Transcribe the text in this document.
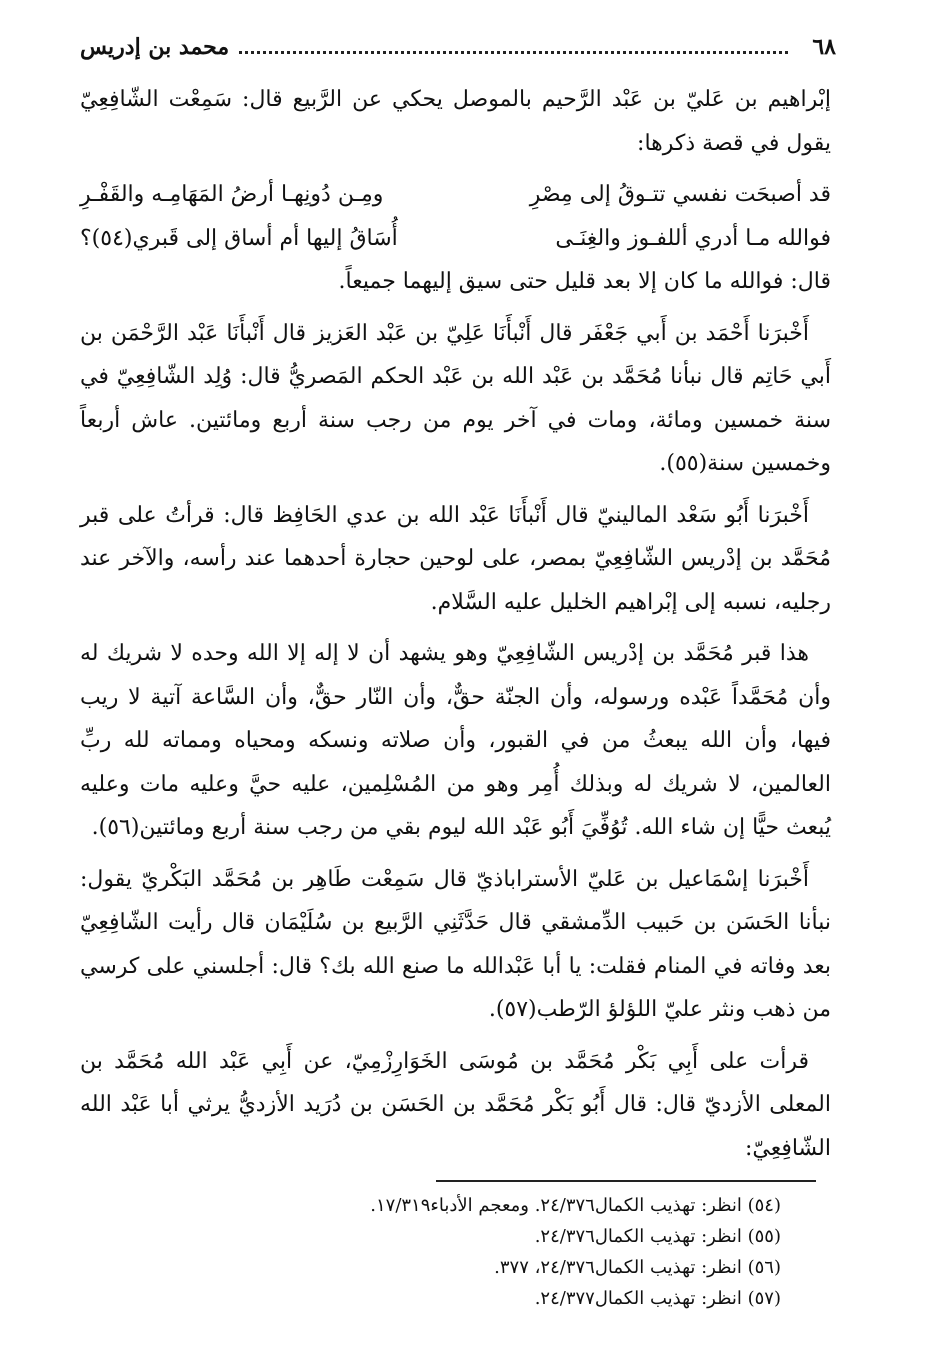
٦٨
محمد بن إدريس

إبْراهيم بن عَليّ بن عَبْد الرَّحيم بالموصل يحكي عن الرَّبيع قال: سَمِعْت الشّافِعِيّ يقول في قصة ذكرها:

قد أصبحَت نفسي تتـوقُ إلى مِصْرِ
ومِـن دُونِهـا أرضُ المَهَامِـه والقَفْـرِ
فوالله مـا أدري أللفـوز والغِنَـى
أُسَاقُ إليها أم أساق إلى قَبري(٥٤)؟

قال: فوالله ما كان إلا بعد قليل حتى سيق إليهما جميعاً.

أَخْبرَنا أَحْمَد بن أَبي جَعْفَر قال أَنْبأَنَا عَلِيّ بن عَبْد العَزيز قال أَنْبأَنَا عَبْد الرَّحْمَن بن أَبي حَاتِم قال نبأنا مُحَمَّد بن عَبْد الله بن عَبْد الحكم المَصريُّ قال: وُلِد الشّافِعِيّ في سنة خمسين ومائة، ومات في آخر يوم من رجب سنة أربع ومائتين. عاش أربعاً وخمسين سنة(٥٥).

أَخْبرَنا أَبُو سَعْد المالينيّ قال أَنْبأَنَا عَبْد الله بن عدي الحَافِظ قال: قرأتُ على قبر مُحَمَّد بن إدْريس الشّافِعِيّ بمصر، على لوحين حجارة أحدهما عند رأسه، والآخر عند رجليه، نسبه إلى إبْراهيم الخليل عليه السَّلام.

هذا قبر مُحَمَّد بن إدْريس الشّافِعِيّ وهو يشهد أن لا إله إلا الله وحده لا شريك له وأن مُحَمَّداً عَبْده ورسوله، وأن الجنّة حقٌّ، وأن النّار حقٌّ، وأن السَّاعة آتية لا ريب فيها، وأن الله يبعثُ من في القبور، وأن صلاته ونسكه ومحياه ومماته لله ربِّ العالمين، لا شريك له وبذلك أُمِر وهو من المُسْلِمين، عليه حيَّ وعليه مات وعليه يُبعث حيًّا إن شاء الله. تُوُفِّيَ أَبُو عَبْد الله ليوم بقي من رجب سنة أربع ومائتين(٥٦).

أَخْبرَنا إسْمَاعيل بن عَليّ الأستراباذيّ قال سَمِعْت طَاهِر بن مُحَمَّد البَكْريّ يقول: نبأنا الحَسَن بن حَبيب الدِّمشقي قال حَدَّثَنِي الرَّبيع بن سُلَيْمَان قال رأيت الشّافِعِيّ بعد وفاته في المنام فقلت: يا أبا عَبْدالله ما صنع الله بك؟ قال: أجلسني على كرسي من ذهب ونثر عليّ اللؤلؤ الرّطب(٥٧).

قرأت على أَبِي بَكْر مُحَمَّد بن مُوسَى الخَوَارِزْمِيّ، عن أَبِي عَبْد الله مُحَمَّد بن المعلى الأزديّ قال: قال أَبُو بَكْر مُحَمَّد بن الحَسَن بن دُرَيد الأزديُّ يرثي أبا عَبْد الله الشّافِعِيّ:

(٥٤) انظر: تهذيب الكمال٢٤/٣٧٦. ومعجم الأدباء١٧/٣١٩.
(٥٥) انظر: تهذيب الكمال٢٤/٣٧٦.
(٥٦) انظر: تهذيب الكمال٢٤/٣٧٦، ٣٧٧.
(٥٧) انظر: تهذيب الكمال٢٤/٣٧٧.
